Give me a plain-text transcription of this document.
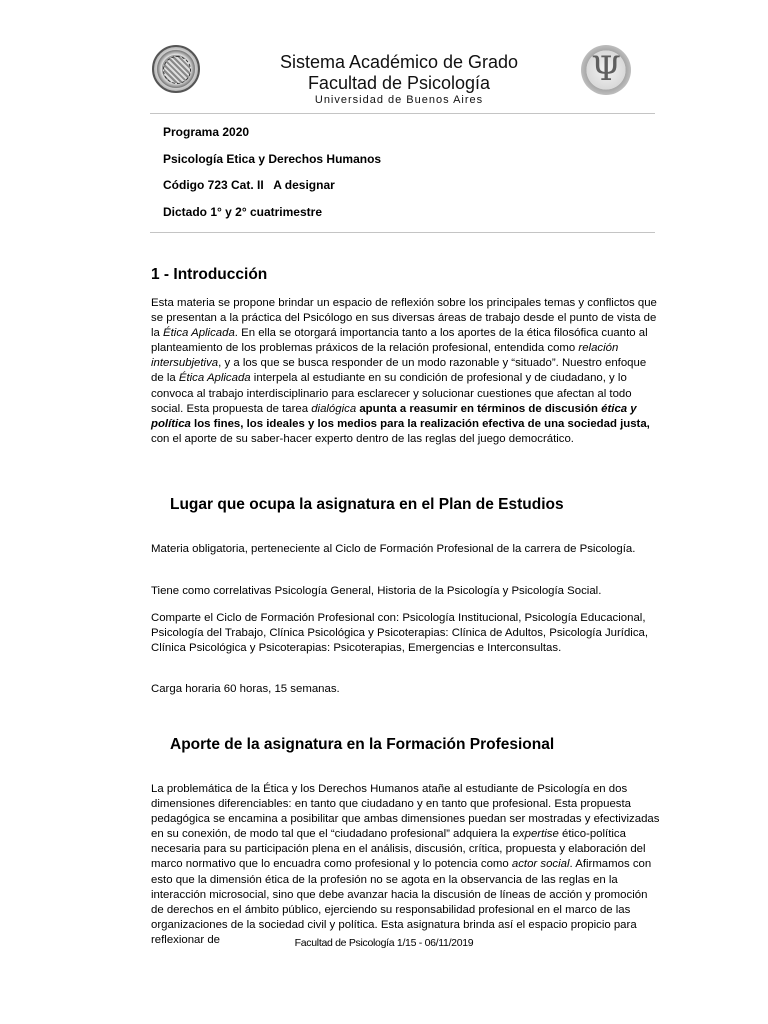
Sistema Académico de Grado
Facultad de Psicología
Universidad de Buenos Aires
Ψ
Programa 2020
Psicología Etica y Derechos Humanos
Código 723 Cat. II   A designar
Dictado 1° y 2° cuatrimestre
1 - Introducción

Esta materia se propone brindar un espacio de reflexión sobre los principales temas y conflictos que se presentan a la práctica del Psicólogo en sus diversas áreas de trabajo desde el punto de vista de la Ética Aplicada. En ella se otorgará importancia tanto a los aportes de la ética filosófica cuanto al planteamiento de los problemas práxicos de la relación profesional, entendida como relación intersubjetiva, y a los que se busca responder de un modo razonable y “situado”. Nuestro enfoque de la Ética Aplicada interpela al estudiante en su condición de profesional y de ciudadano, y lo convoca al trabajo interdisciplinario para esclarecer y solucionar cuestiones que afectan al todo social. Esta propuesta de tarea dialógica apunta a reasumir en términos de discusión ética y política los fines, los ideales y los medios para la realización efectiva de una sociedad justa, con el aporte de su saber-hacer experto dentro de las reglas del juego democrático.

Lugar que ocupa la asignatura en el Plan de Estudios

Materia obligatoria, perteneciente al Ciclo de Formación Profesional de la carrera de Psicología.

Tiene como correlativas Psicología General, Historia de la Psicología y Psicología Social.

Comparte el Ciclo de Formación Profesional con: Psicología Institucional, Psicología Educacional, Psicología del Trabajo, Clínica Psicológica y Psicoterapias: Clínica de Adultos, Psicología Jurídica, Clínica Psicológica y Psicoterapias: Psicoterapias, Emergencias e Interconsultas.

Carga horaria 60 horas, 15 semanas.

Aporte de la asignatura en la Formación Profesional

La problemática de la Ética y los Derechos Humanos atañe al estudiante de Psicología en dos dimensiones diferenciables: en tanto que ciudadano y en tanto que profesional. Esta propuesta pedagógica se encamina a posibilitar que ambas dimensiones puedan ser mostradas y efectivizadas en su conexión, de modo tal que el “ciudadano profesional” adquiera la expertise ético-política necesaria para su participación plena en el análisis, discusión, crítica, propuesta y elaboración del marco normativo que lo encuadra como profesional y lo potencia como actor social. Afirmamos con esto que la dimensión ética de la profesión no se agota en la observancia de las reglas en la interacción microsocial, sino que debe avanzar hacia la discusión de líneas de acción y promoción de derechos en el ámbito público, ejerciendo su responsabilidad profesional en el marco de las organizaciones de la sociedad civil y política. Esta asignatura brinda así el espacio propicio para reflexionar de	Facultad de Psicología 1/15 - 06/11/2019
